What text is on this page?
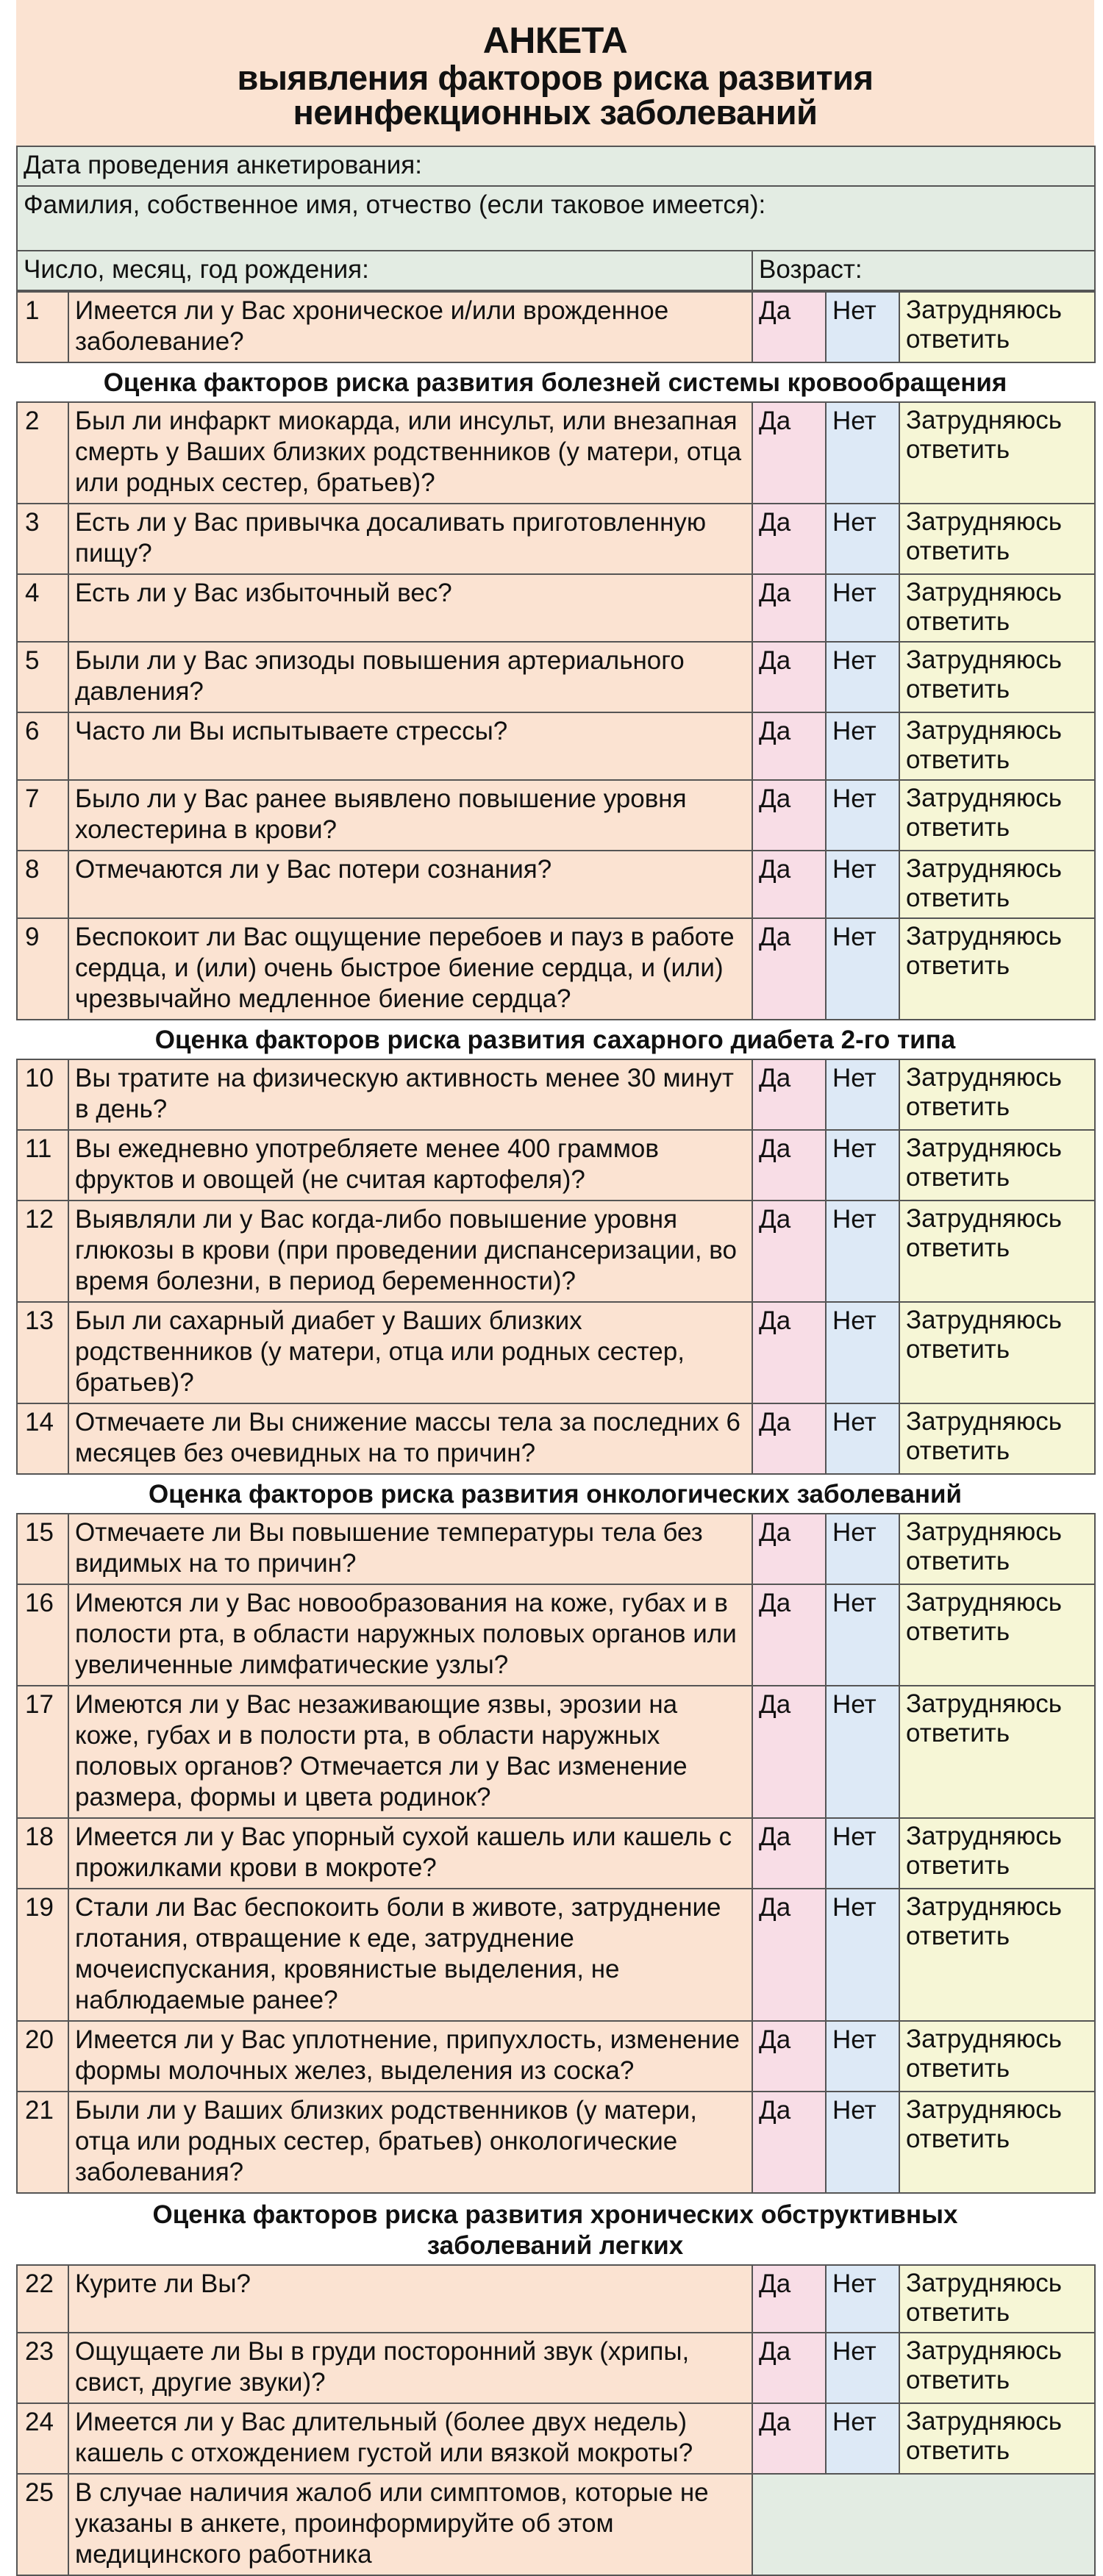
АНКЕТА
выявления факторов риска развития
неинфекционных заболеваний
Дата проведения анкетирования:
Фамилия, собственное имя, отчество (если таковое имеется):
Число, месяц, год рождения:	Возраст:
1	Имеется ли у Вас хроническое и/или врожденное заболевание?	Да	Нет	Затрудняюсь ответить
Оценка факторов риска развития болезней системы кровообращения
2	Был ли инфаркт миокарда, или инсульт, или внезапная смерть у Ваших близких родственников (у матери, отца или родных сестер, братьев)?	Да	Нет	Затрудняюсь ответить
3	Есть ли у Вас привычка досаливать приготовленную пищу?	Да	Нет	Затрудняюсь ответить
4	Есть ли у Вас избыточный вес?	Да	Нет	Затрудняюсь ответить
5	Были ли у Вас эпизоды повышения артериального давления?	Да	Нет	Затрудняюсь ответить
6	Часто ли Вы испытываете стрессы?	Да	Нет	Затрудняюсь ответить
7	Было ли у Вас ранее выявлено повышение уровня холестерина в крови?	Да	Нет	Затрудняюсь ответить
8	Отмечаются ли у Вас потери сознания?	Да	Нет	Затрудняюсь ответить
9	Беспокоит ли Вас ощущение перебоев и пауз в работе сердца, и (или) очень быстрое биение сердца, и (или) чрезвычайно медленное биение сердца?	Да	Нет	Затрудняюсь ответить
Оценка факторов риска развития сахарного диабета 2-го типа
10	Вы тратите на физическую активность менее 30 минут в день?	Да	Нет	Затрудняюсь ответить
11	Вы ежедневно употребляете менее 400 граммов фруктов и овощей (не считая картофеля)?	Да	Нет	Затрудняюсь ответить
12	Выявляли ли у Вас когда-либо повышение уровня глюкозы в крови (при проведении диспансеризации, во время болезни, в период беременности)?	Да	Нет	Затрудняюсь ответить
13	Был ли сахарный диабет у Ваших близких родственников (у матери, отца или родных сестер, братьев)?	Да	Нет	Затрудняюсь ответить
14	Отмечаете ли Вы снижение массы тела за последних 6 месяцев без очевидных на то причин?	Да	Нет	Затрудняюсь ответить
Оценка факторов риска развития онкологических заболеваний
15	Отмечаете ли Вы повышение температуры тела без видимых на то причин?	Да	Нет	Затрудняюсь ответить
16	Имеются ли у Вас новообразования на коже, губах и в полости рта, в области наружных половых органов или увеличенные лимфатические узлы?	Да	Нет	Затрудняюсь ответить
17	Имеются ли у Вас незаживающие язвы, эрозии на коже, губах и в полости рта, в области наружных половых органов? Отмечается ли у Вас изменение размера, формы и цвета родинок?	Да	Нет	Затрудняюсь ответить
18	Имеется ли у Вас упорный сухой кашель или кашель с прожилками крови в мокроте?	Да	Нет	Затрудняюсь ответить
19	Стали ли Вас беспокоить боли в животе, затруднение глотания, отвращение к еде, затруднение мочеиспускания, кровянистые выделения, не наблюдаемые ранее?	Да	Нет	Затрудняюсь ответить
20	Имеется ли у Вас уплотнение, припухлость, изменение формы молочных желез, выделения из соска?	Да	Нет	Затрудняюсь ответить
21	Были ли у Ваших близких родственников (у матери, отца или родных сестер, братьев) онкологические заболевания?	Да	Нет	Затрудняюсь ответить
Оценка факторов риска развития хронических обструктивных
заболеваний легких
22	Курите ли Вы?	Да	Нет	Затрудняюсь ответить
23	Ощущаете ли Вы в груди посторонний звук (хрипы, свист, другие звуки)?	Да	Нет	Затрудняюсь ответить
24	Имеется ли у Вас длительный (более двух недель) кашель с отхождением густой или вязкой мокроты?	Да	Нет	Затрудняюсь ответить
25	В случае наличия жалоб или симптомов, которые не указаны в анкете, проинформируйте об этом медицинского работника			
